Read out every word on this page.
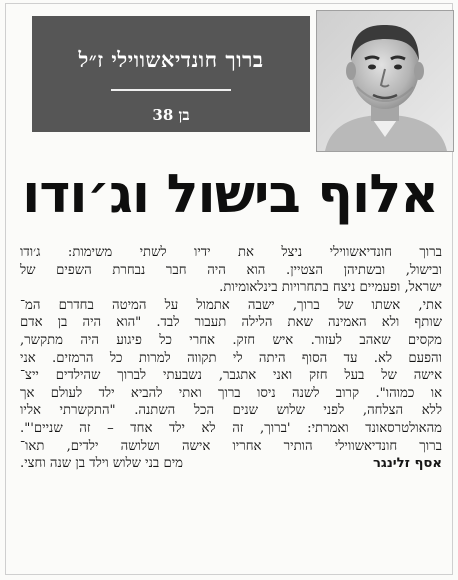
ברוך חונדיאשווילי ז״ל
בן 38
אלוף בישול וג׳ודו
ברוך חונדיאשווילי ניצל את ידיו לשתי משימות: ג׳ודו
ובישול, ובשתיהן הצטיין. הוא היה חבר נבחרת השפים של
ישראל, ופעמיים ניצח בתחרויות בינלאומיות.
אתי, אשתו של ברוך, ישבה אתמול על המיטה בחדרם המ־
שותף ולא האמינה שאת הלילה תעבור לבד. "הוא היה בן אדם
מקסים שאהב לעזור. איש חזק. אחרי כל פיגוע היה מתקשר,
והפעם לא. עד הסוף היתה לי תקווה למרות כל הרמזים. אני
אישה של בעל חזק ואני אתגבר, נשבעתי לברוך שהילדים ייצ־
או כמוהו". קרוב לשנה ניסו ברוך ואתי להביא ילד לעולם אך
ללא הצלחה, לפני שלוש שנים הכל השתנה. "התקשרתי אליו
מהאולטרסאונד ואמרתי: 'ברוך, זה לא ילד אחד – זה שניים'".
ברוך חונדיאשווילי הותיר אחריו אישה ושלושה ילדים, תאו־
מים בני שלוש וילד בן שנה וחצי.	אסף זלינגר
